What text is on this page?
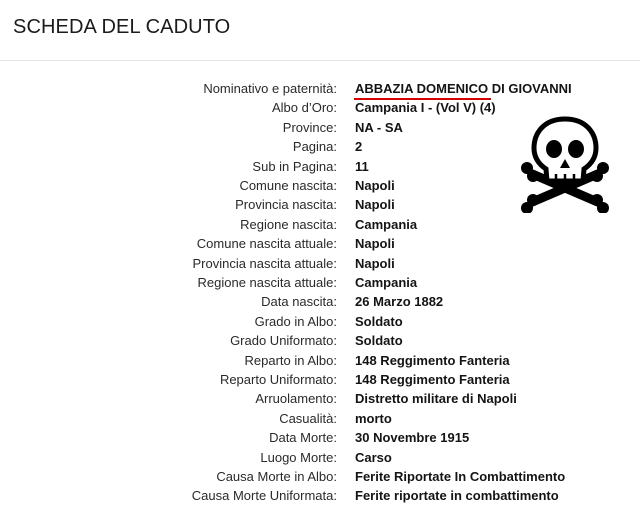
SCHEDA DEL CADUTO
Nominativo e paternità: ABBAZIA DOMENICO DI GIOVANNI
Albo d’Oro: Campania I - (Vol V) (4)
Province: NA - SA
Pagina: 2
Sub in Pagina: 11
Comune nascita: Napoli
Provincia nascita: Napoli
Regione nascita: Campania
Comune nascita attuale: Napoli
Provincia nascita attuale: Napoli
Regione nascita attuale: Campania
Data nascita: 26 Marzo 1882
Grado in Albo: Soldato
Grado Uniformato: Soldato
Reparto in Albo: 148 Reggimento Fanteria
Reparto Uniformato: 148 Reggimento Fanteria
Arruolamento: Distretto militare di Napoli
Casualità: morto
Data Morte: 30 Novembre 1915
Luogo Morte: Carso
Causa Morte in Albo: Ferite Riportate In Combattimento
Causa Morte Uniformata: Ferite riportate in combattimento
